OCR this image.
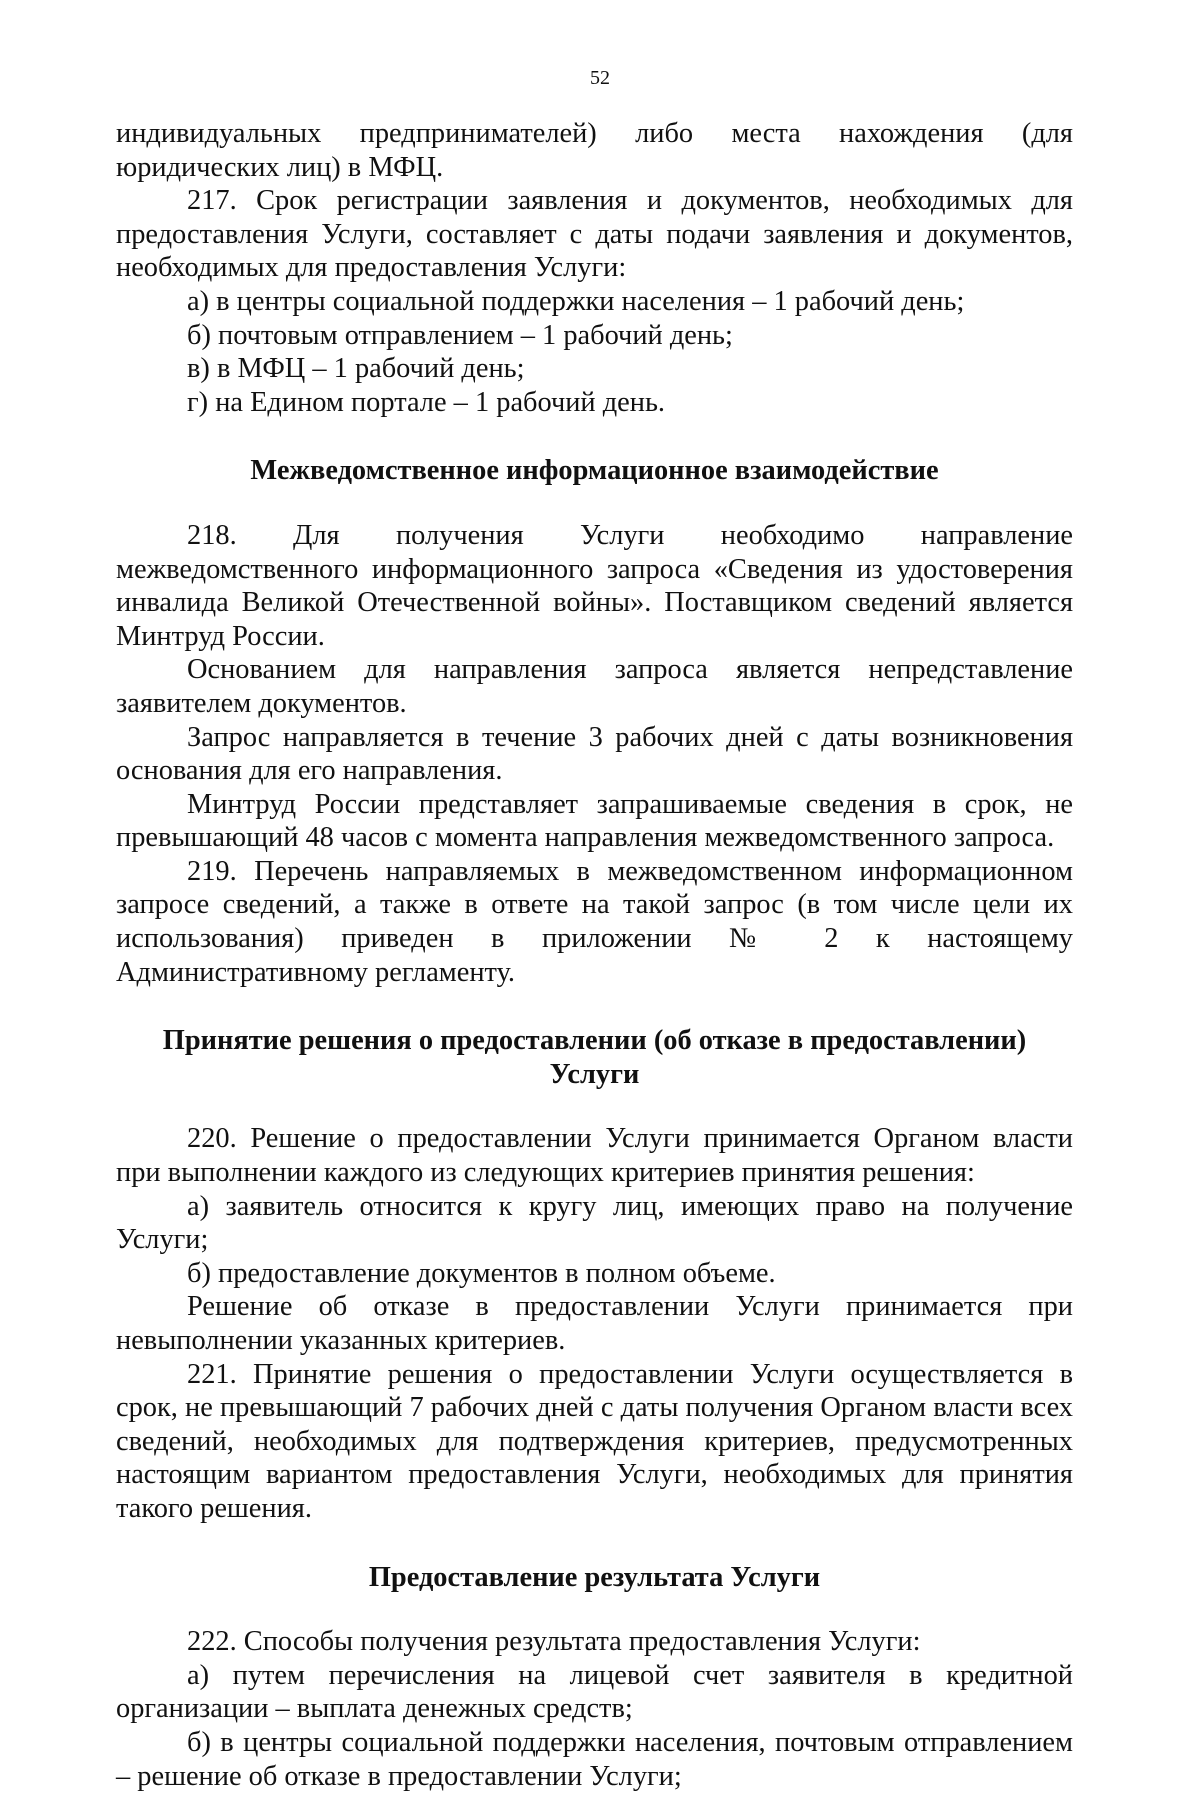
52

индивидуальных предпринимателей) либо места нахождения (для юридических лиц) в МФЦ.

217. Срок регистрации заявления и документов, необходимых для предоставления Услуги, составляет с даты подачи заявления и документов, необходимых для предоставления Услуги:

а) в центры социальной поддержки населения – 1 рабочий день;

б) почтовым отправлением – 1 рабочий день;

в) в МФЦ – 1 рабочий день;

г) на Едином портале – 1 рабочий день.

Межведомственное информационное взаимодействие

218. Для получения Услуги необходимо направление межведомственного информационного запроса «Сведения из удостоверения инвалида Великой Отечественной войны». Поставщиком сведений является Минтруд России.

Основанием для направления запроса является непредставление заявителем документов.

Запрос направляется в течение 3 рабочих дней с даты возникновения основания для его направления.

Минтруд России представляет запрашиваемые сведения в срок, не превышающий 48 часов с момента направления межведомственного запроса.

219. Перечень направляемых в межведомственном информационном запросе сведений, а также в ответе на такой запрос (в том числе цели их использования) приведен в приложении № 2 к настоящему Административному регламенту.

Принятие решения о предоставлении (об отказе в предоставлении) Услуги

220. Решение о предоставлении Услуги принимается Органом власти при выполнении каждого из следующих критериев принятия решения:

а) заявитель относится к кругу лиц, имеющих право на получение Услуги;

б) предоставление документов в полном объеме.

Решение об отказе в предоставлении Услуги принимается при невыполнении указанных критериев.

221. Принятие решения о предоставлении Услуги осуществляется в срок, не превышающий 7 рабочих дней с даты получения Органом власти всех сведений, необходимых для подтверждения критериев, предусмотренных настоящим вариантом предоставления Услуги, необходимых для принятия такого решения.

Предоставление результата Услуги

222. Способы получения результата предоставления Услуги:

а) путем перечисления на лицевой счет заявителя в кредитной организации – выплата денежных средств;

б) в центры социальной поддержки населения, почтовым отправлением – решение об отказе в предоставлении Услуги;
